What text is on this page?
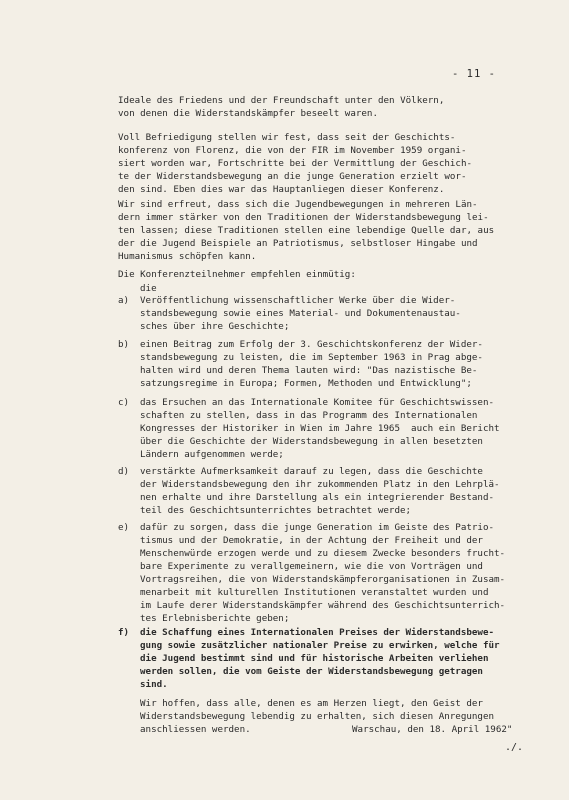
- 11 -
Ideale des Friedens und der Freundschaft unter den Völkern,
von denen die Widerstandskämpfer beseelt waren.
Voll Befriedigung stellen wir fest, dass seit der Geschichts-
konferenz von Florenz, die von der FIR im November 1959 organi-
siert worden war, Fortschritte bei der Vermittlung der Geschich-
te der Widerstandsbewegung an die junge Generation erzielt wor-
den sind. Eben dies war das Hauptanliegen dieser Konferenz.
Wir sind erfreut, dass sich die Jugendbewegungen in mehreren Län-
dern immer stärker von den Traditionen der Widerstandsbewegung lei-
ten lassen; diese Traditionen stellen eine lebendige Quelle dar, aus
der die Jugend Beispiele an Patriotismus, selbstloser Hingabe und
Humanismus schöpfen kann.
Die Konferenzteilnehmer empfehlen einmütig:
die
a) Veröffentlichung wissenschaftlicher Werke über die Wider-
standsbewegung sowie eines Material- und Dokumentenaustau-
sches über ihre Geschichte;
b) einen Beitrag zum Erfolg der 3. Geschichtskonferenz der Wider-
standsbewegung zu leisten, die im September 1963 in Prag abge-
halten wird und deren Thema lauten wird: "Das nazistische Be-
satzungsregime in Europa; Formen, Methoden und Entwicklung";
c) das Ersuchen an das Internationale Komitee für Geschichtswissen-
schaften zu stellen, dass in das Programm des Internationalen
Kongresses der Historiker in Wien im Jahre 1965  auch ein Bericht
über die Geschichte der Widerstandsbewegung in allen besetzten
Ländern aufgenommen werde;
d) verstärkte Aufmerksamkeit darauf zu legen, dass die Geschichte
der Widerstandsbewegung den ihr zukommenden Platz in den Lehrplä-
nen erhalte und ihre Darstellung als ein integrierender Bestand-
teil des Geschichtsunterrichtes betrachtet werde;
e) dafür zu sorgen, dass die junge Generation im Geiste des Patrio-
tismus und der Demokratie, in der Achtung der Freiheit und der
Menschenwürde erzogen werde und zu diesem Zwecke besonders frucht-
bare Experimente zu verallgemeinern, wie die von Vorträgen und
Vortragsreihen, die von Widerstandskämpferorganisationen in Zusam-
menarbeit mit kulturellen Institutionen veranstaltet wurden und
im Laufe derer Widerstandskämpfer während des Geschichtsunterrich-
tes Erlebnisberichte geben;
f) die Schaffung eines Internationalen Preises der Widerstandsbewe-
gung sowie zusätzlicher nationaler Preise zu erwirken, welche für
die Jugend bestimmt sind und für historische Arbeiten verliehen
werden sollen, die vom Geiste der Widerstandsbewegung getragen
sind.
Wir hoffen, dass alle, denen es am Herzen liegt, den Geist der
Widerstandsbewegung lebendig zu erhalten, sich diesen Anregungen
anschliessen werden.	Warschau, den 18. April 1962"
./.
